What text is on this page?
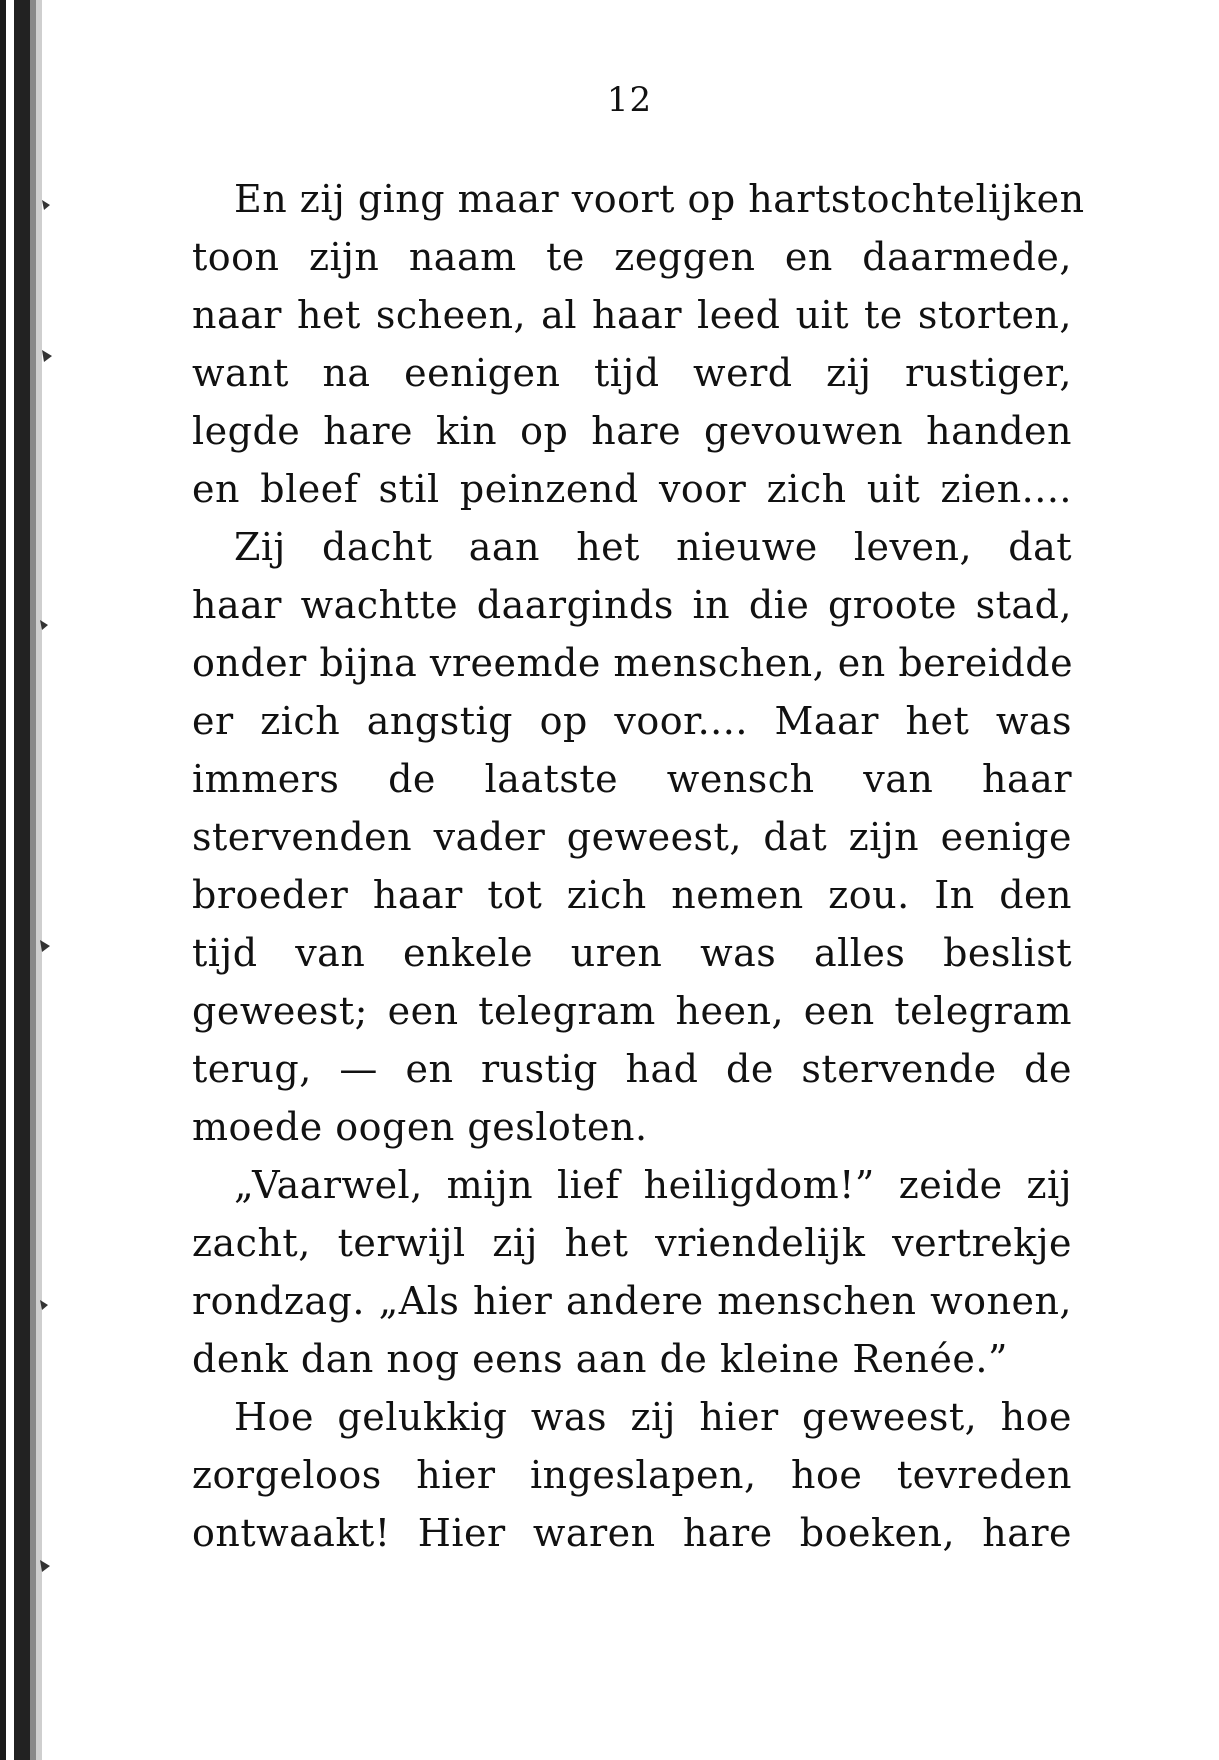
12
En zij ging maar voort op hartstochtelijken
toon zijn naam te zeggen en daarmede,
naar het scheen, al haar leed uit te storten,
want na eenigen tijd werd zij rustiger,
legde hare kin op hare gevouwen handen
en bleef stil peinzend voor zich uit zien....
Zij dacht aan het nieuwe leven, dat
haar wachtte daarginds in die groote stad,
onder bijna vreemde menschen, en bereidde
er zich angstig op voor.... Maar het was
immers de laatste wensch van haar
stervenden vader geweest, dat zijn eenige
broeder haar tot zich nemen zou. In den
tijd van enkele uren was alles beslist
geweest; een telegram heen, een telegram
terug, — en rustig had de stervende de
moede oogen gesloten.
„Vaarwel, mijn lief heiligdom!” zeide zij
zacht, terwijl zij het vriendelijk vertrekje
rondzag. „Als hier andere menschen wonen,
denk dan nog eens aan de kleine Renée.”
Hoe gelukkig was zij hier geweest, hoe
zorgeloos hier ingeslapen, hoe tevreden
ontwaakt! Hier waren hare boeken, hare
